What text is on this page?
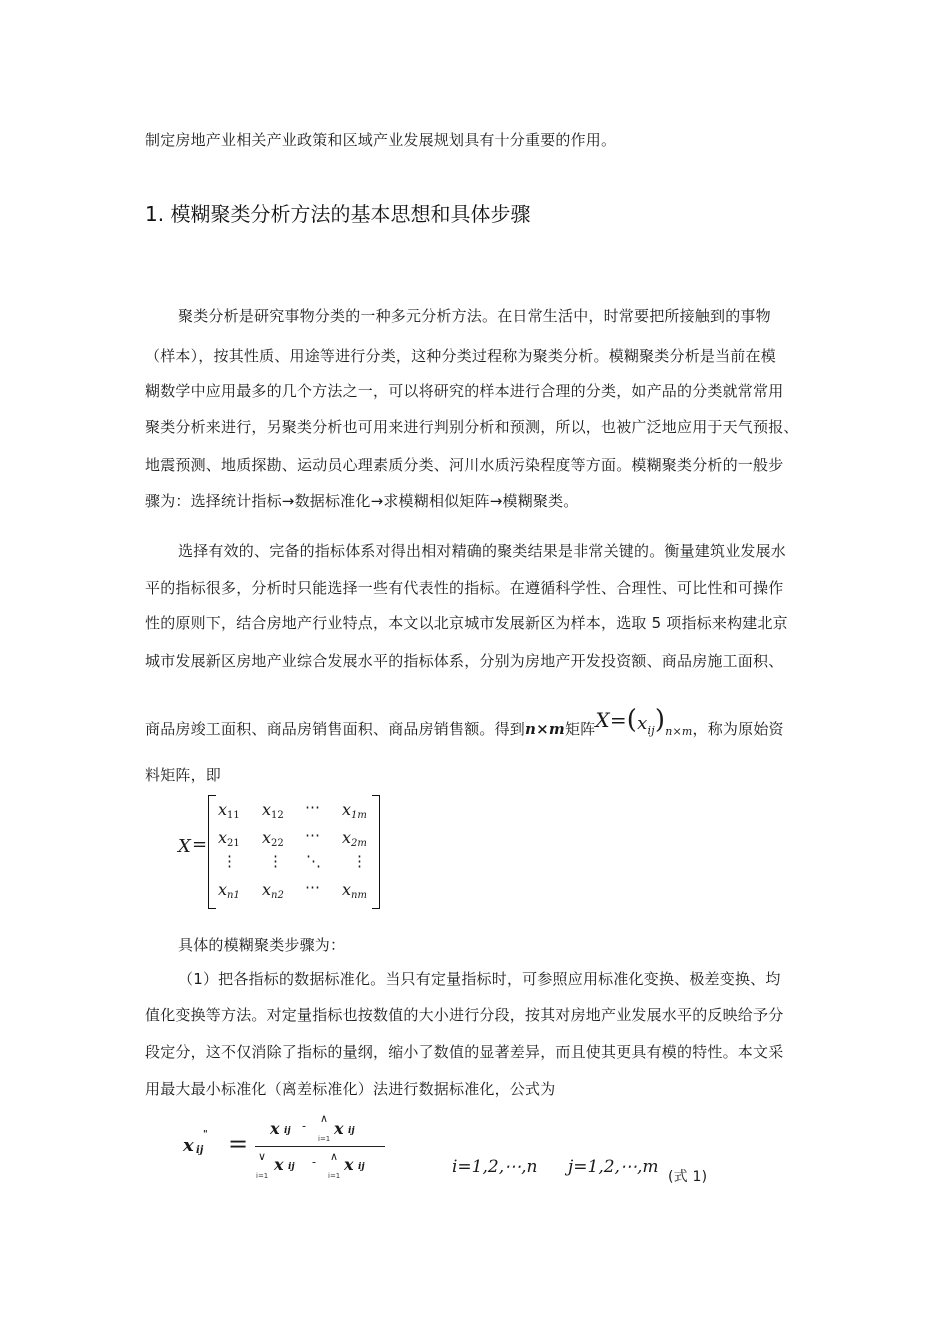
制定房地产业相关产业政策和区域产业发展规划具有十分重要的作用。
1. 模糊聚类分析方法的基本思想和具体步骤
聚类分析是研究事物分类的一种多元分析方法。在日常生活中，时常要把所接触到的事物
（样本），按其性质、用途等进行分类，这种分类过程称为聚类分析。模糊聚类分析是当前在模
糊数学中应用最多的几个方法之一，可以将研究的样本进行合理的分类，如产品的分类就常常用
聚类分析来进行，另聚类分析也可用来进行判别分析和预测，所以，也被广泛地应用于天气预报、
地震预测、地质探勘、运动员心理素质分类、河川水质污染程度等方面。模糊聚类分析的一般步
骤为：选择统计指标→数据标准化→求模糊相似矩阵→模糊聚类。
选择有效的、完备的指标体系对得出相对精确的聚类结果是非常关键的。衡量建筑业发展水
平的指标很多，分析时只能选择一些有代表性的指标。在遵循科学性、合理性、可比性和可操作
性的原则下，结合房地产行业特点，本文以北京城市发展新区为样本，选取 5 项指标来构建北京
城市发展新区房地产业综合发展水平的指标体系，分别为房地产开发投资额、商品房施工面积、
商品房竣工面积、商品房销售面积、商品房销售额。得到n×m矩阵X=(xij)n×m，称为原始资
料矩阵，即
X =
$x_{11}$ $x_{12}$ ⋯ $x_{1m}$
$x_{21}$ $x_{22}$ ⋯ $x_{2m}$
⋮ ⋮ ⋱ ⋮
$x_{n1}$ $x_{n2}$ ⋯ $x_{nm}$
具体的模糊聚类步骤为：
（1）把各指标的数据标准化。当只有定量指标时，可参照应用标准化变换、极差变换、均
值化变换等方法。对定量指标也按数值的大小进行分段，按其对房地产业发展水平的反映给予分
段定分，这不仅消除了指标的量纲，缩小了数值的显著差异，而且使其更具有模的特性。本文采
用最大最小标准化（离差标准化）法进行数据标准化，公式为
x ij
" =
x ij -
∧
i=1
x ij
∨
i=1
x ij - ∧
i=1
x ij	i=1,2,⋯,n j=1,2,⋯,m (式 1)
